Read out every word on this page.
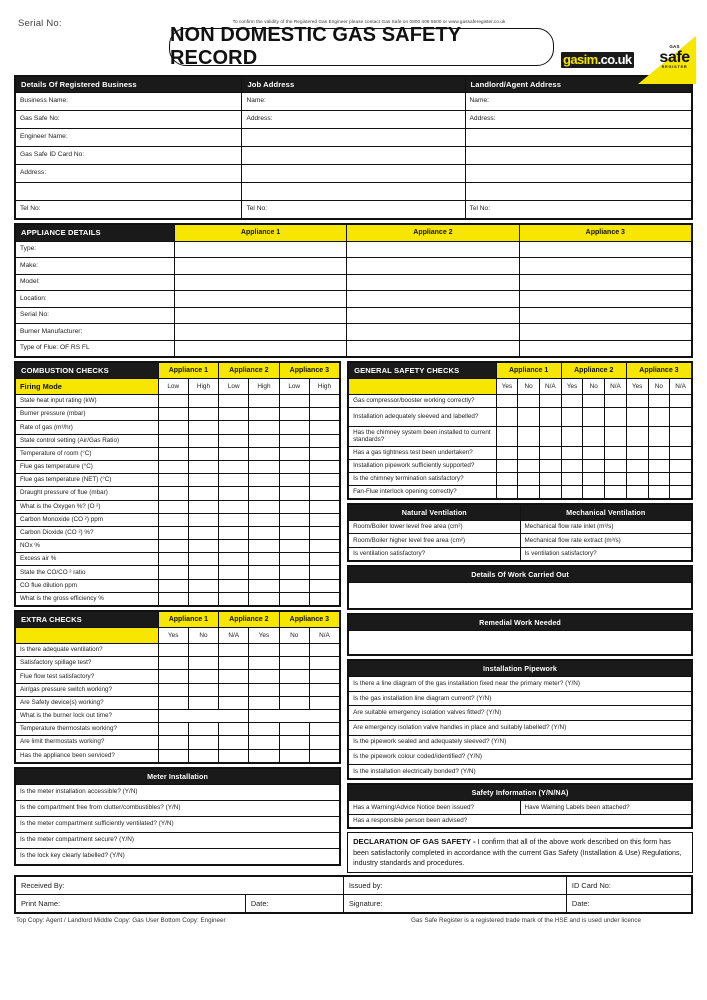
Serial No:	To confirm the validity of the Registered Gas Engineer please contact Gas Safe on 0800 408 5500 or www.gassaferegister.co.uk
NON DOMESTIC GAS SAFETY RECORD	gasim.co.uk
GAS
safe
REGISTER
Details Of Registered Business	Job Address	Landlord/Agent Address
Business Name:	Name:	Name:
Gas Safe No:	Address:	Address:
Engineer Name:		
Gas Safe ID Card No:		
Address:		

Tel No:	Tel No:	Tel No:
APPLIANCE DETAILS	Appliance 1	Appliance 2	Appliance 3
Type:			
Make:			
Model:			
Location:			
Serial No:			
Burner Manufacturer:			
Type of Flue: OF RS FL			
COMBUSTION CHECKS	Appliance 1		Appliance 2		Appliance 3	
Firing Mode	Low	High	Low	High	Low	High
State heat input rating (kW)						
Burner pressure (mbar)						
Rate of gas (m³/hr)						
State control setting (Air/Gas Ratio)						
Temperature of room (°C)						
Flue gas temperature (°C)						
Flue gas temperature (NET) (°C)						
Draught pressure of flue (mbar)						
What is the Oxygen %? (O ²)						
Carbon Monoxide (CO ²) ppm						
Carbon Dioxide (CO ²) %?						
NOx %						
Excess air %						
State the CO/CO ² ratio						
CO flue dilution ppm						
What is the gross efficiency %						
EXTRA CHECKS	Appliance 1		Appliance 2		Appliance 3	
	Yes	No	N/A	Yes	No	N/A
Is there adequate ventilation?						
Satisfactory spillage test?						
Flue flow test satisfactory?						
Air/gas pressure switch working?						
Are Safety device(s) working?						
What is the burner lock out time?						
Temperature thermostats working?						
Are limit thermostats working?						
Has the appliance been serviced?						
Meter Installation
Is the meter installation accessible? (Y/N)
Is the compartment free from clutter/combustibles? (Y/N)
Is the meter compartment sufficiently ventilated? (Y/N)
Is the meter compartment secure? (Y/N)
Is the lock key clearly labelled? (Y/N)
GENERAL SAFETY CHECKS	Appliance 1			Appliance 2			Appliance 3		
	Yes	No	N/A	Yes	No	N/A	Yes	No	N/A
Gas compressor/booster working correctly?									
Installation adequately sleeved and labelled?									
Has the chimney system been installed to current standards?									
Has a gas tightness test been undertaken?									
Installation pipework sufficiently supported?									
Is the chimney termination satisfactory?									
Fan-Flue interlock opening correctly?									
Natural Ventilation	Mechanical Ventilation
Room/Boiler lower level free area (cm²)	Mechanical flow rate inlet (m³/s)
Room/Boiler higher level free area (cm²)	Mechanical flow rate extract (m³/s)
Is ventilation satisfactory?	Is ventilation satisfactory?
Details Of Work Carried Out

Remedial Work Needed

Installation Pipework
Is there a line diagram of the gas installation fixed near the primary meter? (Y/N)
Is the gas installation line diagram current? (Y/N)
Are suitable emergency isolation valves fitted? (Y/N)
Are emergency isolation valve handles in place and suitably labelled? (Y/N)
Is the pipework sealed and adequately sleeved? (Y/N)
Is the pipework colour coded/identified? (Y/N)
Is the installation electrically bonded? (Y/N)
Safety Information (Y/N/NA)
Has a Warning/Advice Notice been issued?	Have Warning Labels been attached?
Has a responsible person been advised?
DECLARATION OF GAS SAFETY - I confirm that all of the above work described on this form has been satisfactorily completed in accordance with the current Gas Safety (Installation & Use) Regulations, industry standards and procedures.
Received By:		Issued by:	ID Card No:
Print Name:	Date:	Signature:	Date:
Top Copy: Agent / Landlord Middle Copy: Gas User Bottom Copy: Engineer	Gas Safe Register is a registered trade mark of the HSE and is used under licence
